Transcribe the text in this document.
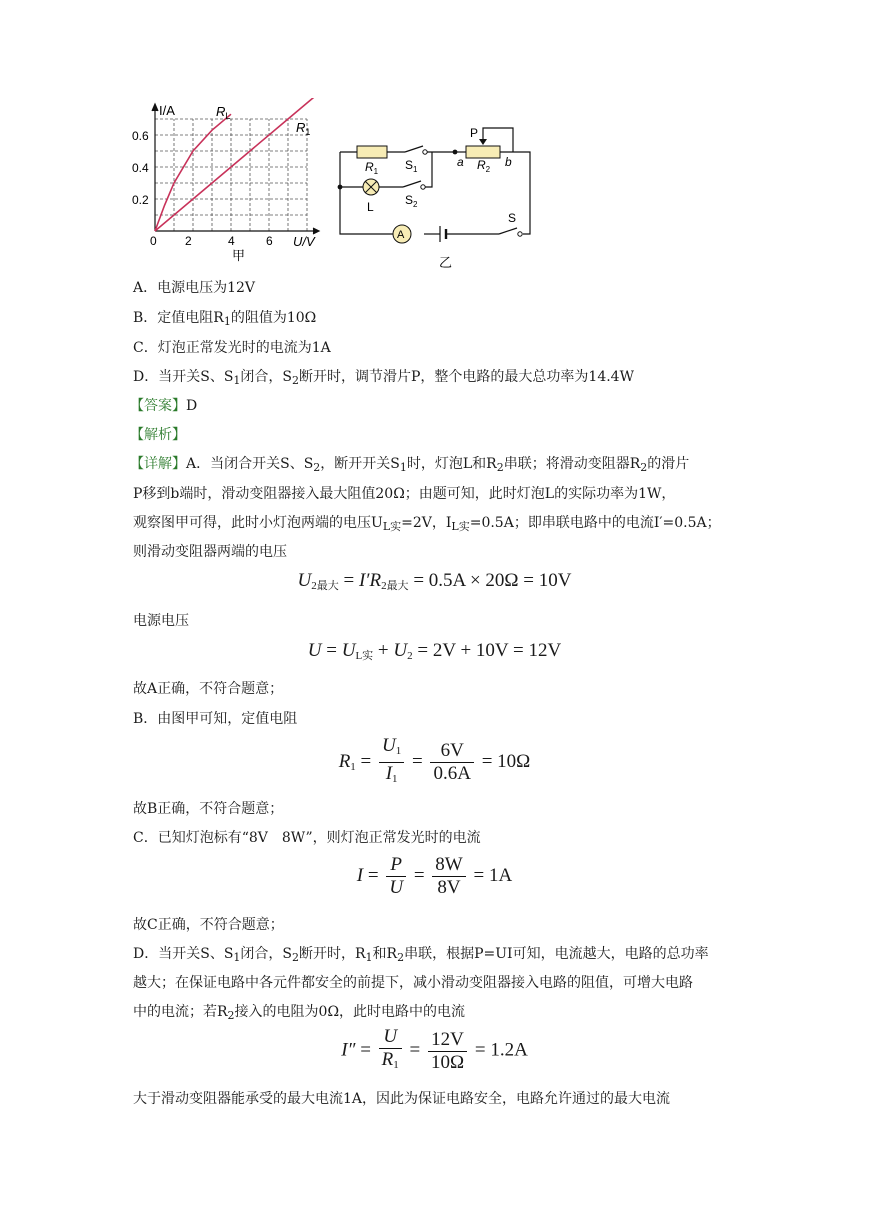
I/A
U/V
0 2	4	6
0.2
0.4
0.6
$R_L$
$R_1$
甲
$R_1$ $S_1$
L	$S_2$
P
a $R_2$
b
A
S
乙
A．电源电压为12V
B．定值电阻$R_1$的阻值为10Ω
C．灯泡正常发光时的电流为1A
D．当开关S、$S_1$闭合，$S_2$断开时，调节滑片P，整个电路的最大总功率为14.4W
【答案】D
【解析】
【详解】A．当闭合开关S、$S_2$，断开开关$S_1$时，灯泡L和$R_2$串联；将滑动变阻器$R_2$的滑片
P移到b端时，滑动变阻器接入最大阻值20Ω；由题可知，此时灯泡L的实际功率为1W，
观察图甲可得，此时小灯泡两端的电压$U_{L实}=2V$，$I_{L实}=0.5A$；即串联电路中的电流I′=0.5A；
则滑动变阻器两端的电压
$U_{2最大} = I'R_{2最大} = 0.5A \times 20\Omega = 10V$
电源电压
$U = U_{L实} + U_2 = 2V + 10V = 12V$
故A正确，不符合题意；
B．由图甲可知，定值电阻
$R_1 = \frac{U_1}{I_1} = \frac{6V}{0.6A} = 10\Omega$
故B正确，不符合题意；
C．已知灯泡标有“8V　8W”，则灯泡正常发光时的电流
$I = \frac{P}{U} = \frac{8W}{8V} = 1A$
故C正确，不符合题意；
D．当开关S、$S_1$闭合，$S_2$断开时，$R_1$和$R_2$串联，根据P=UI可知，电流越大，电路的总功率
越大；在保证电路中各元件都安全的前提下，减小滑动变阻器接入电路的阻值，可增大电路
中的电流；若$R_2$接入的电阻为0Ω，此时电路中的电流
$I'' = \frac{U}{R_1} = \frac{12V}{10\Omega} = 1.2A$
大于滑动变阻器能承受的最大电流1A，因此为保证电路安全，电路允许通过的最大电流
